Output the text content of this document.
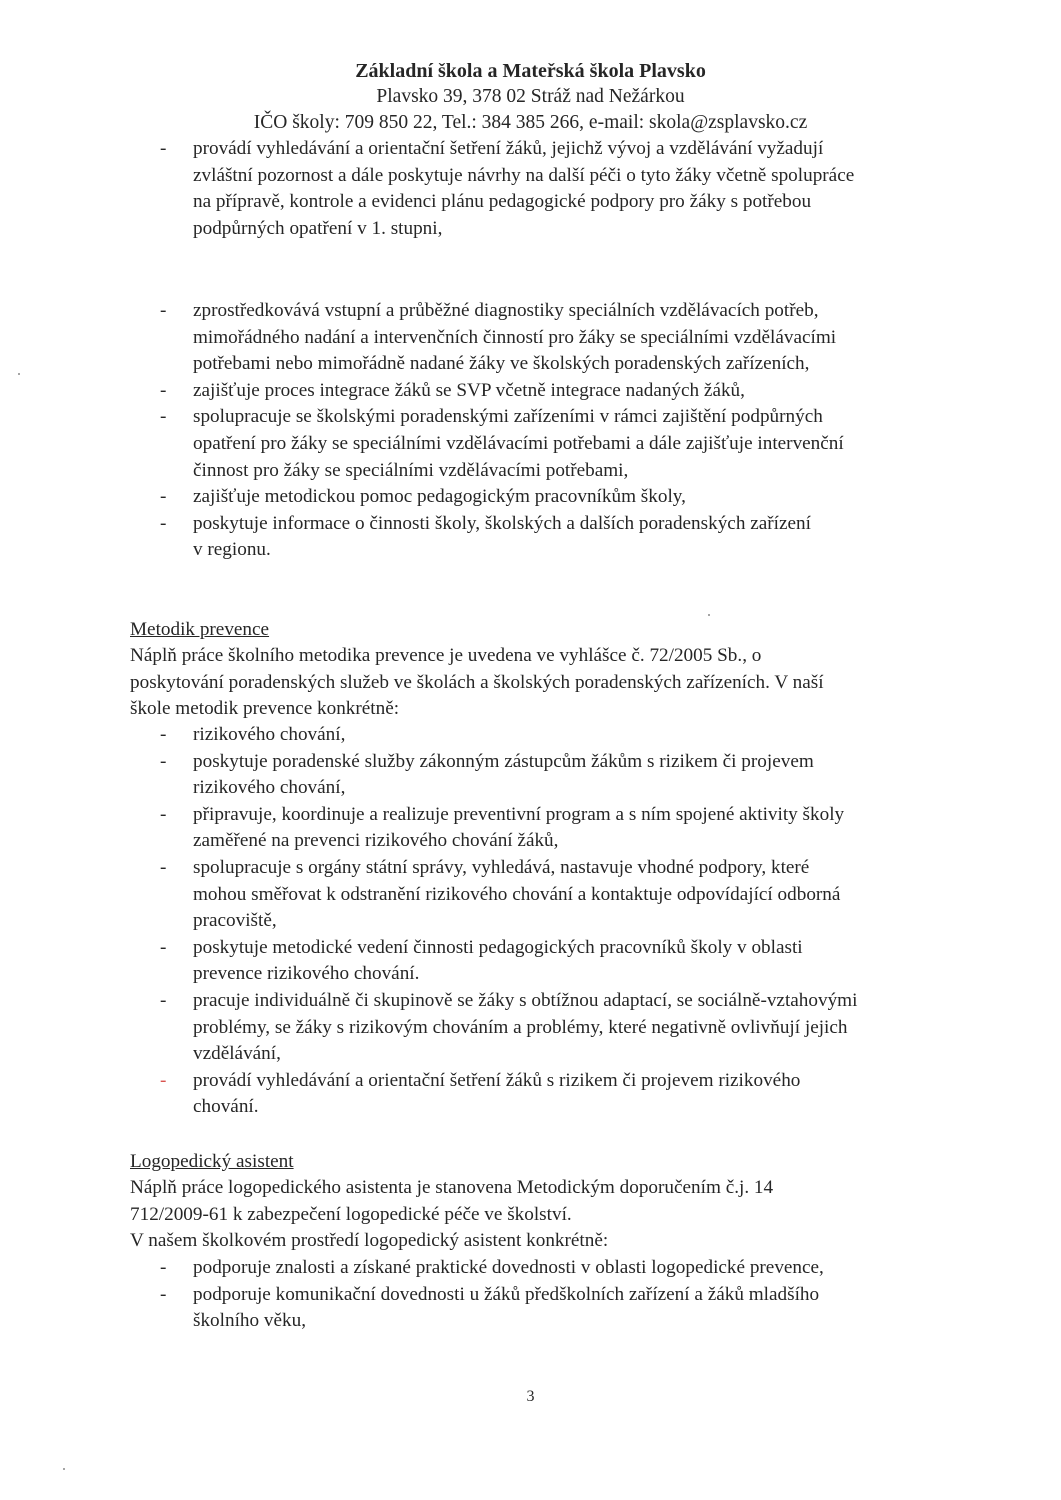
Základní škola a Mateřská škola Plavsko
Plavsko 39, 378 02 Stráž nad Nežárkou
IČO školy: 709 850 22, Tel.: 384 385 266, e-mail: skola@zsplavsko.cz
- provádí vyhledávání a orientační šetření žáků, jejichž vývoj a vzdělávání vyžadují
zvláštní pozornost a dále poskytuje návrhy na další péči o tyto žáky včetně spolupráce
na přípravě, kontrole a evidenci plánu pedagogické podpory pro žáky s potřebou
podpůrných opatření v 1. stupni,
- zprostředkovává vstupní a průběžné diagnostiky speciálních vzdělávacích potřeb,
mimořádného nadání a intervenčních činností pro žáky se speciálními vzdělávacími
potřebami nebo mimořádně nadané žáky ve školských poradenských zařízeních,
- zajišťuje proces integrace žáků se SVP včetně integrace nadaných žáků,
- spolupracuje se školskými poradenskými zařízeními v rámci zajištění podpůrných
opatření pro žáky se speciálními vzdělávacími potřebami a dále zajišťuje intervenční
činnost pro žáky se speciálními vzdělávacími potřebami,
- zajišťuje metodickou pomoc pedagogickým pracovníkům školy,
- poskytuje informace o činnosti školy, školských a dalších poradenských zařízení
v regionu.
Metodik prevence
Náplň práce školního metodika prevence je uvedena ve vyhlášce č. 72/2005 Sb., o
poskytování poradenských služeb ve školách a školských poradenských zařízeních. V naší
škole metodik prevence konkrétně:
- rizikového chování,
- poskytuje poradenské služby zákonným zástupcům žákům s rizikem či projevem
rizikového chování,
- připravuje, koordinuje a realizuje preventivní program a s ním spojené aktivity školy
zaměřené na prevenci rizikového chování žáků,
- spolupracuje s orgány státní správy, vyhledává, nastavuje vhodné podpory, které
mohou směřovat k odstranění rizikového chování a kontaktuje odpovídající odborná
pracoviště,
- poskytuje metodické vedení činnosti pedagogických pracovníků školy v oblasti
prevence rizikového chování.
- pracuje individuálně či skupinově se žáky s obtížnou adaptací, se sociálně-vztahovými
problémy, se žáky s rizikovým chováním a problémy, které negativně ovlivňují jejich
vzdělávání,
- provádí vyhledávání a orientační šetření žáků s rizikem či projevem rizikového
chování.
Logopedický asistent
Náplň práce logopedického asistenta je stanovena Metodickým doporučením č.j. 14
712/2009-61 k zabezpečení logopedické péče ve školství.
V našem školkovém prostředí logopedický asistent konkrétně:
- podporuje znalosti a získané praktické dovednosti v oblasti logopedické prevence,
- podporuje komunikační dovednosti u žáků předškolních zařízení a žáků mladšího
školního věku,
3
